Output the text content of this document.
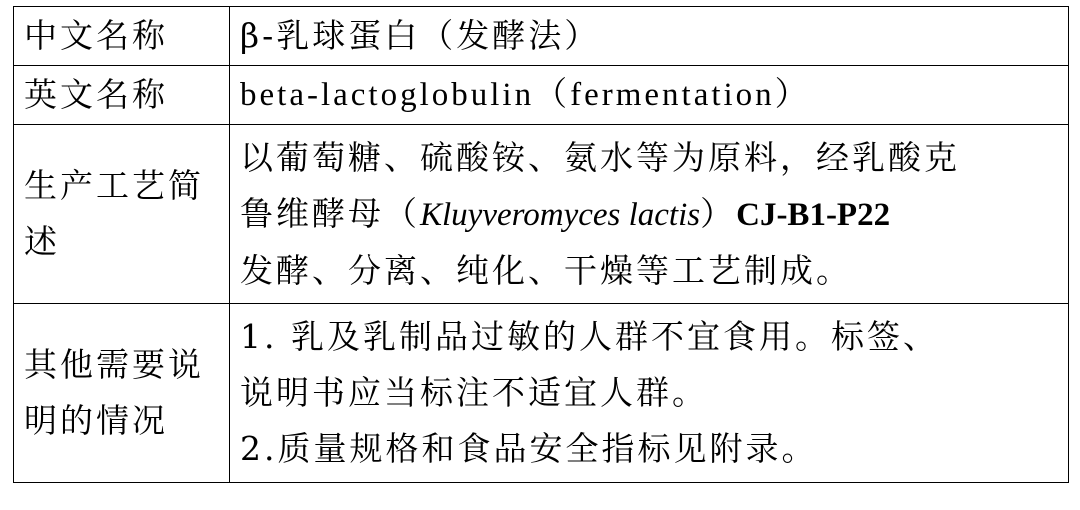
中文名称	β-乳球蛋白（发酵法）
英文名称	beta-lactoglobulin（fermentation）

生产工艺简
述	以葡萄糖、硫酸铵、氨水等为原料，经乳酸克
鲁维酵母（Kluyveromyces lactis）CJ-B1-P22
发酵、分离、纯化、干燥等工艺制成。

其他需要说
明的情况	1. 乳及乳制品过敏的人群不宜食用。标签、
说明书应当标注不适宜人群。
2.质量规格和食品安全指标见附录。
